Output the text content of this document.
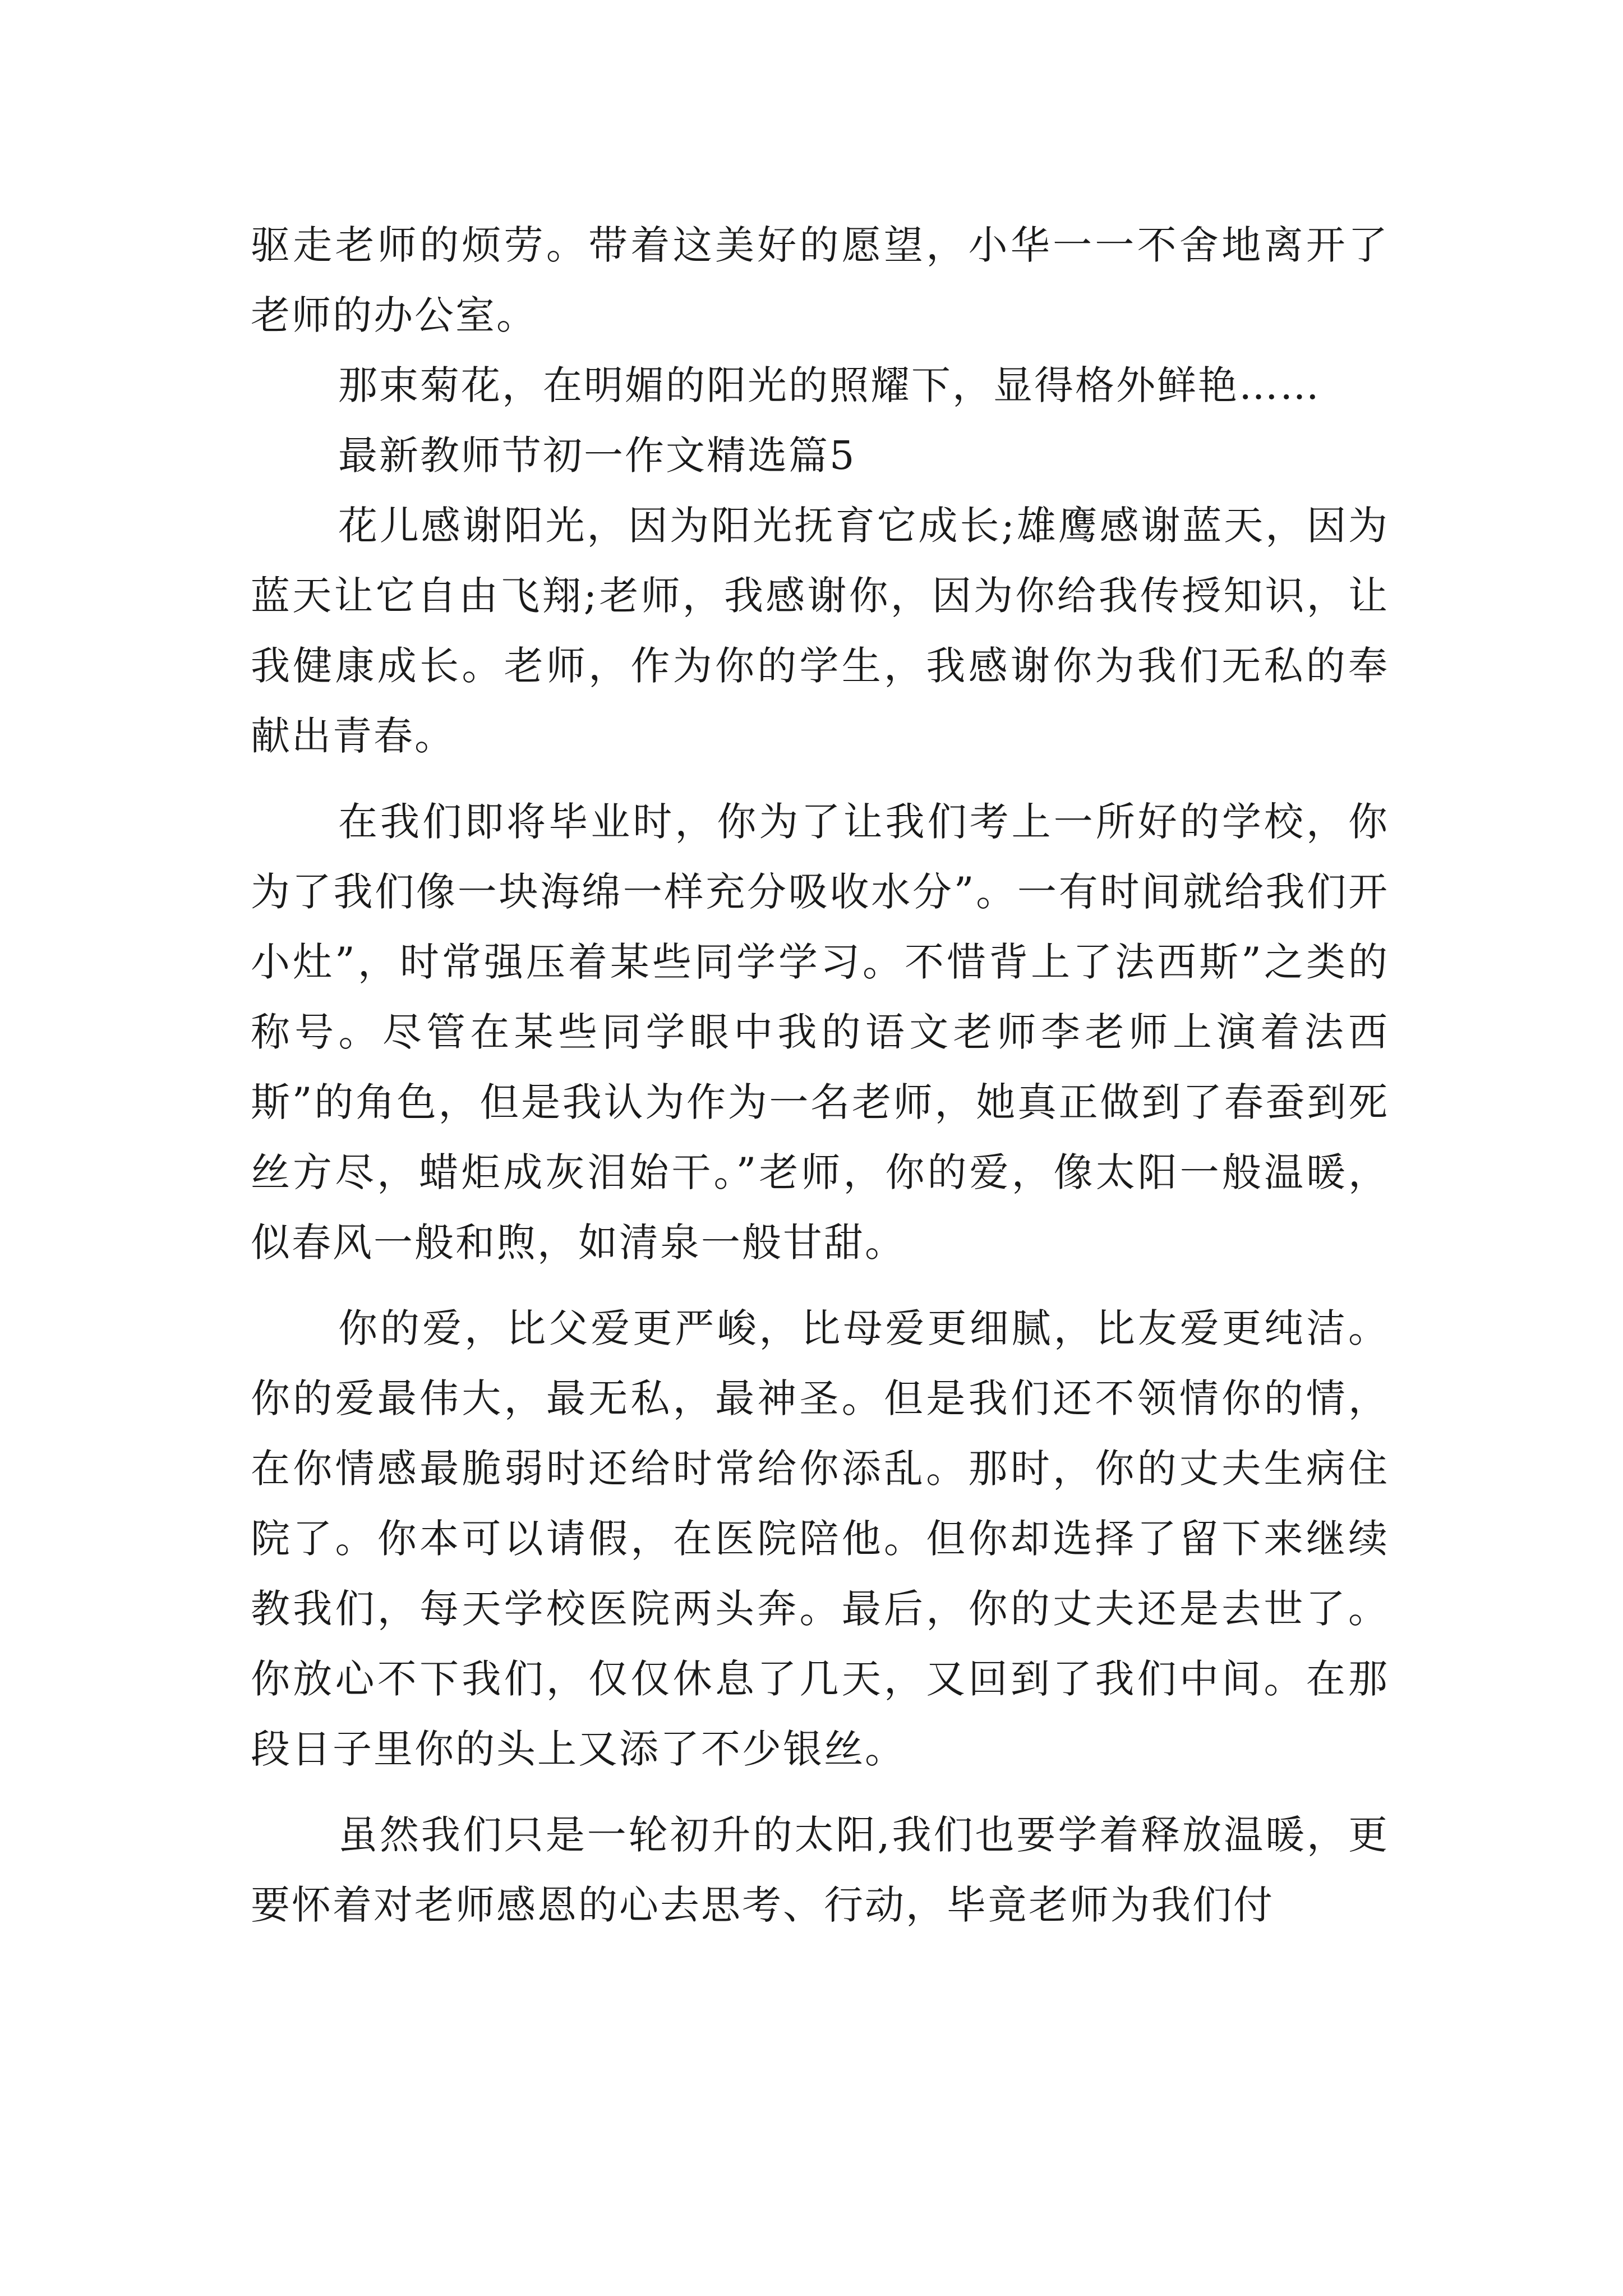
驱走老师的烦劳。带着这美好的愿望，小华一一不舍地离开了老师的办公室。

那束菊花，在明媚的阳光的照耀下，显得格外鲜艳……

最新教师节初一作文精选篇5

花儿感谢阳光，因为阳光抚育它成长;雄鹰感谢蓝天，因为蓝天让它自由飞翔;老师，我感谢你，因为你给我传授知识，让我健康成长。老师，作为你的学生，我感谢你为我们无私的奉献出青春。

在我们即将毕业时，你为了让我们考上一所好的学校，你为了我们像一块海绵一样充分吸收水分”。一有时间就给我们开小灶”，时常强压着某些同学学习。不惜背上了法西斯”之类的称号。尽管在某些同学眼中我的语文老师李老师上演着法西斯”的角色，但是我认为作为一名老师，她真正做到了春蚕到死丝方尽，蜡炬成灰泪始干。”老师，你的爱，像太阳一般温暖，似春风一般和煦，如清泉一般甘甜。

你的爱，比父爱更严峻，比母爱更细腻，比友爱更纯洁。你的爱最伟大，最无私，最神圣。但是我们还不领情你的情，在你情感最脆弱时还给时常给你添乱。那时，你的丈夫生病住院了。你本可以请假，在医院陪他。但你却选择了留下来继续教我们，每天学校医院两头奔。最后，你的丈夫还是去世了。你放心不下我们，仅仅休息了几天，又回到了我们中间。在那段日子里你的头上又添了不少银丝。

虽然我们只是一轮初升的太阳,我们也要学着释放温暖，更要怀着对老师感恩的心去思考、行动，毕竟老师为我们付
